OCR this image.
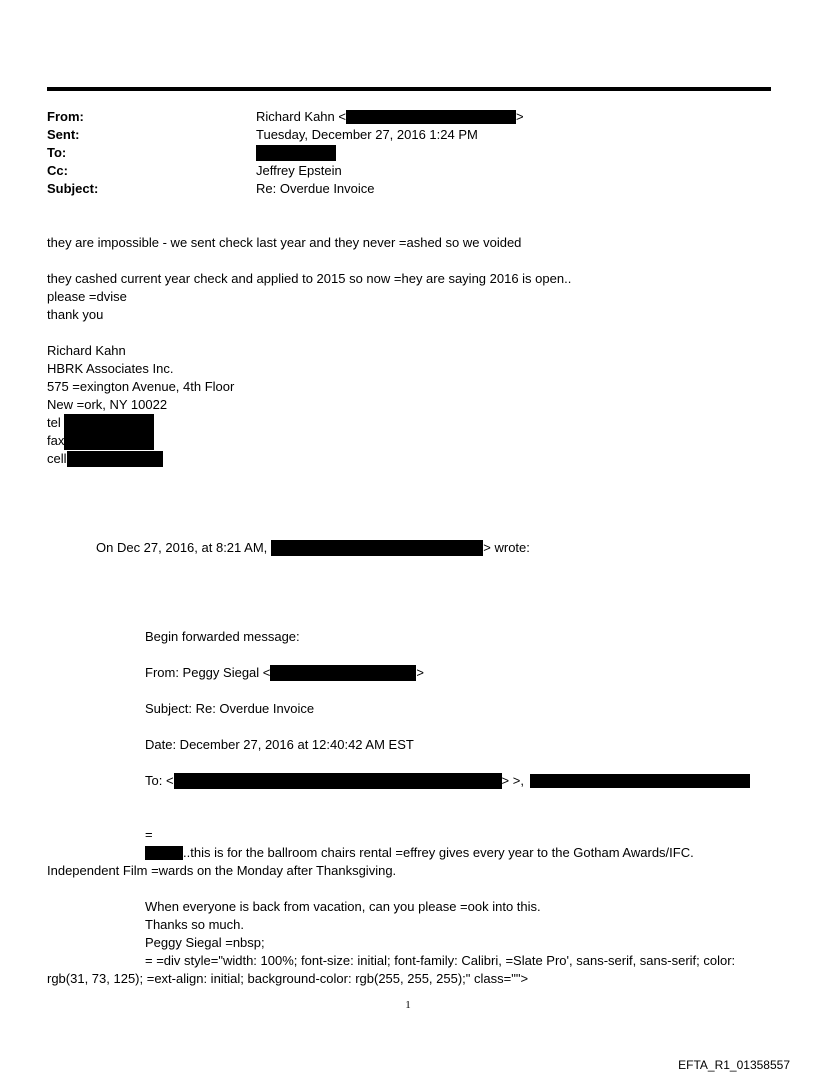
From:	Richard Kahn <	>
Sent:	Tuesday, December 27, 2016 1:24 PM
To:
Cc:	Jeffrey Epstein
Subject:	Re: Overdue Invoice
they are impossible - we sent check last year and they never =ashed so we voided
they cashed current year check and applied to 2015 so now =hey are saying 2016 is open..
please =dvise
thank you
Richard Kahn
HBRK Associates Inc.
575 =exington Avenue, 4th Floor
New =ork, NY 10022
tel
fax
cell
On Dec 27, 2016, at 8:21 AM,	> wrote:
Begin forwarded message:
From: Peggy Siegal <	>
Subject: Re: Overdue Invoice
Date: December 27, 2016 at 12:40:42 AM EST
To: <	> >,
=
..this is for the ballroom chairs rental =effrey gives every year to the Gotham Awards/IFC.
Independent Film =wards on the Monday after Thanksgiving.
When everyone is back from vacation, can you please =ook into this.
Thanks so much.
Peggy Siegal =nbsp;
= =div style="width: 100%; font-size: initial; font-family: Calibri, =Slate Pro', sans-serif, sans-serif; color:
rgb(31, 73, 125); =ext-align: initial; background-color: rgb(255, 255, 255);" class="">
1
EFTA_R1_01358557
